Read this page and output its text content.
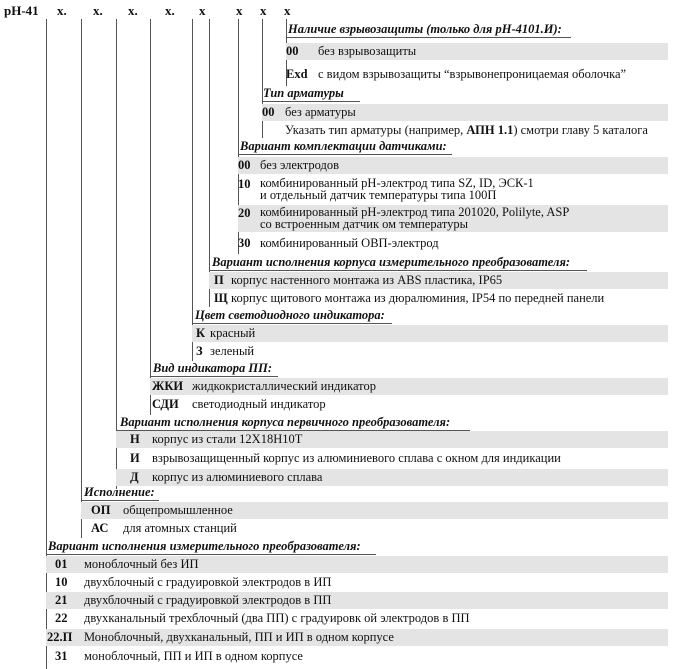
pH-41 x. x. x. x. x x x x
Наличие взрывозащиты (только для pH-4101.И):
00 без взрывозащиты
Exd с видом взрывозащиты “взрывонепроницаемая оболочка”
Тип арматуры
00 без арматуры
Указать тип арматуры (например, АПН 1.1) смотри главу 5 каталога
Вариант комплектации датчиками:
00 без электродов
10 комбинированный pH-электрод типа SZ, ID, ЭСК-1
и отдельный датчик температуры типа 100П
20 комбинированный pH-электрод типа 201020, Polilyte, ASP
со встроенным датчик ом температуры
30 комбинированный ОВП-электрод
Вариант исполнения корпуса измерительного преобразователя:
П корпус настенного монтажа из ABS пластика, IP65
Щ корпус щитового монтажа из дюралюминия, IP54 по передней панели
Цвет светодиодного индикатора:
К красный
З зеленый
Вид индикатора ПП:
ЖКИ жидкокристаллический индикатор
СДИ светодиодный индикатор
Вариант исполнения корпуса первичного преобразователя:
Н корпус из стали 12Х18Н10Т
И взрывозащищенный корпус из алюминиевого сплава с окном для индикации
Д корпус из алюминиевого сплава
Исполнение:
ОП общепромышленное
АС для атомных станций
Вариант исполнения измерительного преобразователя:
01 моноблочный без ИП
10 двухблочный с градуировкой электродов в ИП
21 двухблочный с градуировкой электродов в ПП
22 двухканальный трехблочный (два ПП) с градуировк ой электродов в ПП
22.П Моноблочный, двухканальный, ПП и ИП в одном корпусе
31 моноблочный, ПП и ИП в одном корпусе
